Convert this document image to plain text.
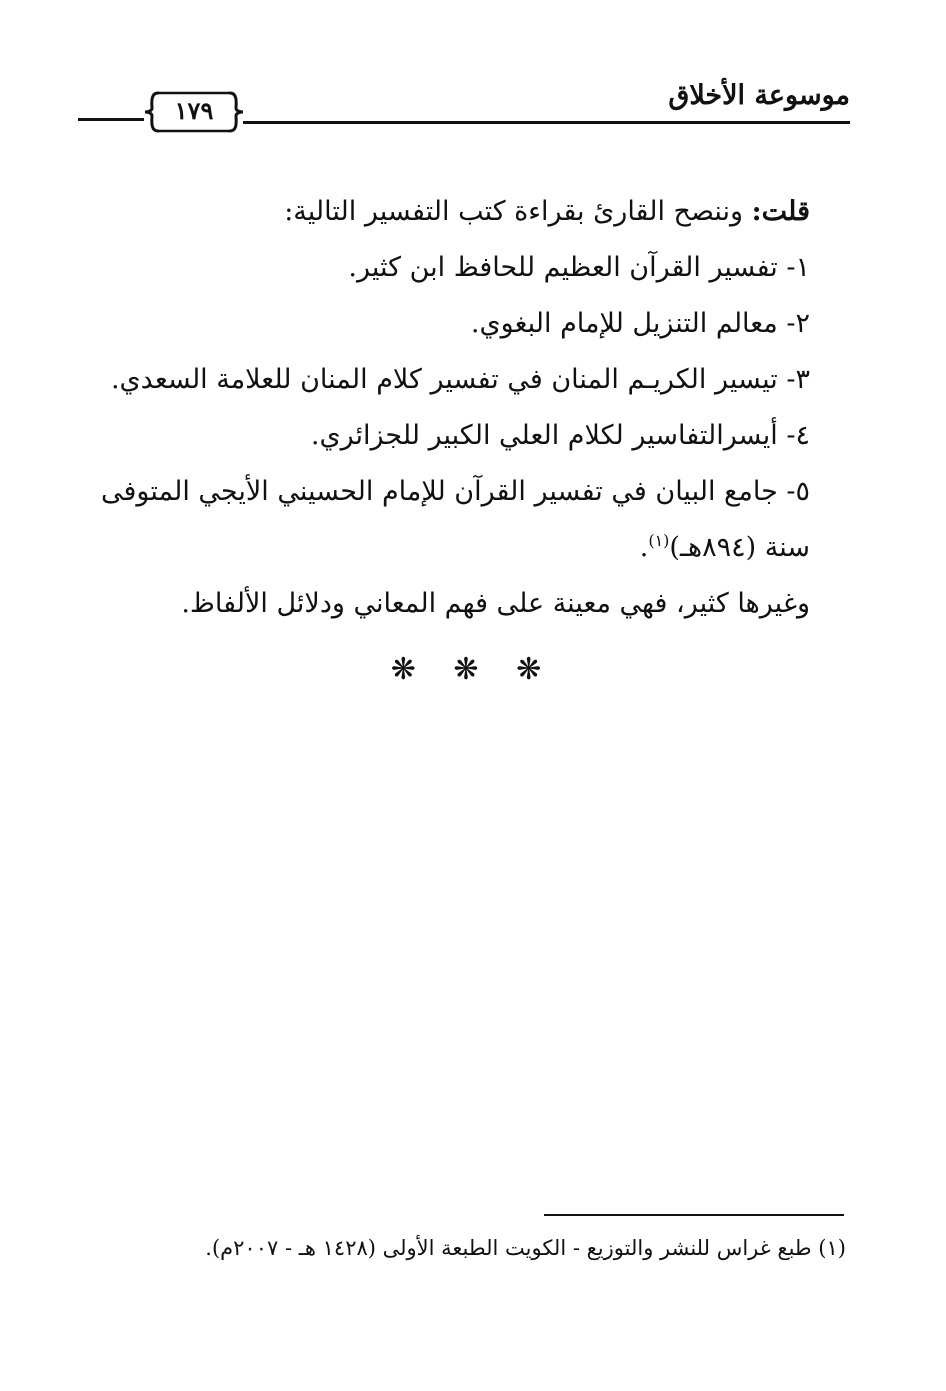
١٧٩	موسوعة الأخلاق

قلت: وننصح القارئ بقراءة كتب التفسير التالية:

١- تفسير القرآن العظيم للحافظ ابن كثير.

٢- معالم التنزيل للإمام البغوي.

٣- تيسير الكريـم المنان في تفسير كلام المنان للعلامة السعدي.

٤- أيسرالتفاسير لكلام العلي الكبير للجزائري.

٥- جامع البيان في تفسير القرآن للإمام الحسيني الأيجي المتوفى سنة (٨٩٤هـ)$^{(١)}$.

وغيرها كثير، فهي معينة على فهم المعاني ودلائل الألفاظ.

❋ ❋ ❋
(١) طبع غراس للنشر والتوزيع - الكويت الطبعة الأولى (١٤٢٨ هـ - ٢٠٠٧م).
